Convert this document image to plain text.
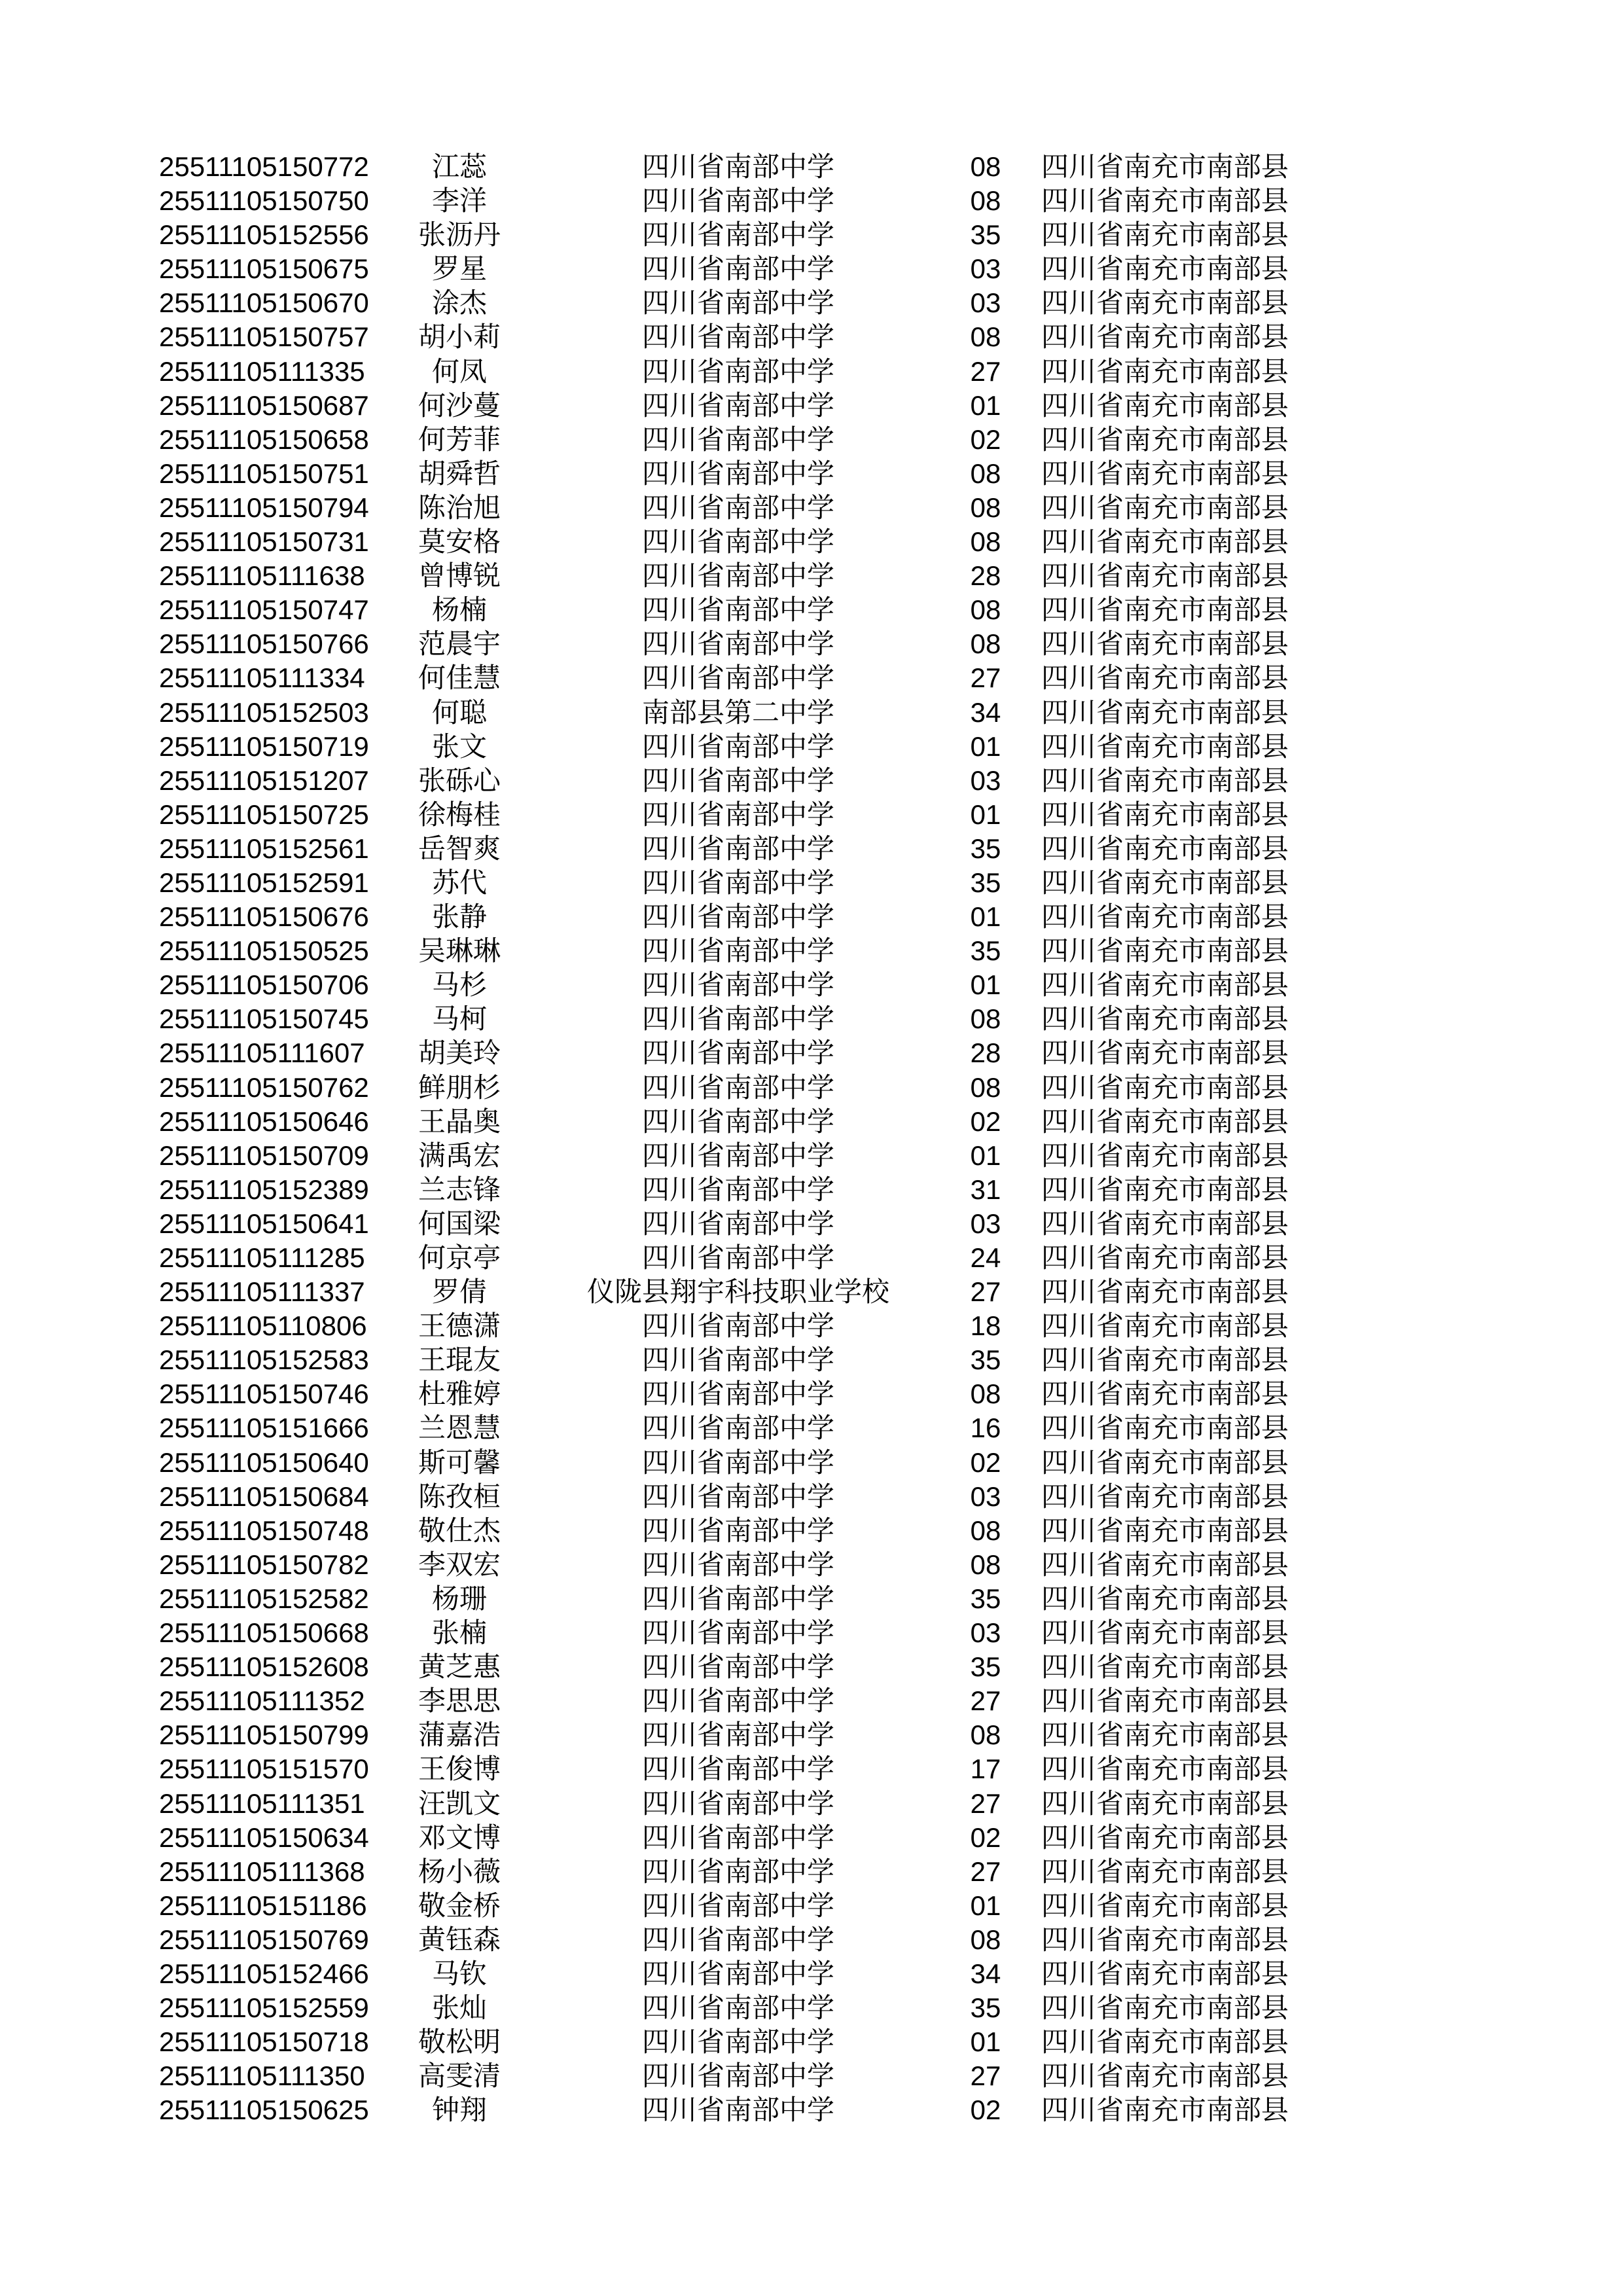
25511105150772	江蕊	四川省南部中学	08	四川省南充市南部县
25511105150750	李洋	四川省南部中学	08	四川省南充市南部县
25511105152556	张沥丹	四川省南部中学	35	四川省南充市南部县
25511105150675	罗星	四川省南部中学	03	四川省南充市南部县
25511105150670	涂杰	四川省南部中学	03	四川省南充市南部县
25511105150757	胡小莉	四川省南部中学	08	四川省南充市南部县
25511105111335	何凤	四川省南部中学	27	四川省南充市南部县
25511105150687	何沙蔓	四川省南部中学	01	四川省南充市南部县
25511105150658	何芳菲	四川省南部中学	02	四川省南充市南部县
25511105150751	胡舜哲	四川省南部中学	08	四川省南充市南部县
25511105150794	陈治旭	四川省南部中学	08	四川省南充市南部县
25511105150731	莫安格	四川省南部中学	08	四川省南充市南部县
25511105111638	曾博锐	四川省南部中学	28	四川省南充市南部县
25511105150747	杨楠	四川省南部中学	08	四川省南充市南部县
25511105150766	范晨宇	四川省南部中学	08	四川省南充市南部县
25511105111334	何佳慧	四川省南部中学	27	四川省南充市南部县
25511105152503	何聪	南部县第二中学	34	四川省南充市南部县
25511105150719	张文	四川省南部中学	01	四川省南充市南部县
25511105151207	张砾心	四川省南部中学	03	四川省南充市南部县
25511105150725	徐梅桂	四川省南部中学	01	四川省南充市南部县
25511105152561	岳智爽	四川省南部中学	35	四川省南充市南部县
25511105152591	苏代	四川省南部中学	35	四川省南充市南部县
25511105150676	张静	四川省南部中学	01	四川省南充市南部县
25511105150525	吴琳琳	四川省南部中学	35	四川省南充市南部县
25511105150706	马杉	四川省南部中学	01	四川省南充市南部县
25511105150745	马柯	四川省南部中学	08	四川省南充市南部县
25511105111607	胡美玲	四川省南部中学	28	四川省南充市南部县
25511105150762	鲜朋杉	四川省南部中学	08	四川省南充市南部县
25511105150646	王晶奥	四川省南部中学	02	四川省南充市南部县
25511105150709	满禹宏	四川省南部中学	01	四川省南充市南部县
25511105152389	兰志锋	四川省南部中学	31	四川省南充市南部县
25511105150641	何国梁	四川省南部中学	03	四川省南充市南部县
25511105111285	何京亭	四川省南部中学	24	四川省南充市南部县
25511105111337	罗倩	仪陇县翔宇科技职业学校	27	四川省南充市南部县
25511105110806	王德潇	四川省南部中学	18	四川省南充市南部县
25511105152583	王琨友	四川省南部中学	35	四川省南充市南部县
25511105150746	杜雅婷	四川省南部中学	08	四川省南充市南部县
25511105151666	兰恩慧	四川省南部中学	16	四川省南充市南部县
25511105150640	斯可馨	四川省南部中学	02	四川省南充市南部县
25511105150684	陈孜桓	四川省南部中学	03	四川省南充市南部县
25511105150748	敬仕杰	四川省南部中学	08	四川省南充市南部县
25511105150782	李双宏	四川省南部中学	08	四川省南充市南部县
25511105152582	杨珊	四川省南部中学	35	四川省南充市南部县
25511105150668	张楠	四川省南部中学	03	四川省南充市南部县
25511105152608	黄芝惠	四川省南部中学	35	四川省南充市南部县
25511105111352	李思思	四川省南部中学	27	四川省南充市南部县
25511105150799	蒲嘉浩	四川省南部中学	08	四川省南充市南部县
25511105151570	王俊博	四川省南部中学	17	四川省南充市南部县
25511105111351	汪凯文	四川省南部中学	27	四川省南充市南部县
25511105150634	邓文博	四川省南部中学	02	四川省南充市南部县
25511105111368	杨小薇	四川省南部中学	27	四川省南充市南部县
25511105151186	敬金桥	四川省南部中学	01	四川省南充市南部县
25511105150769	黄钰森	四川省南部中学	08	四川省南充市南部县
25511105152466	马钦	四川省南部中学	34	四川省南充市南部县
25511105152559	张灿	四川省南部中学	35	四川省南充市南部县
25511105150718	敬松明	四川省南部中学	01	四川省南充市南部县
25511105111350	高雯清	四川省南部中学	27	四川省南充市南部县
25511105150625	钟翔	四川省南部中学	02	四川省南充市南部县
